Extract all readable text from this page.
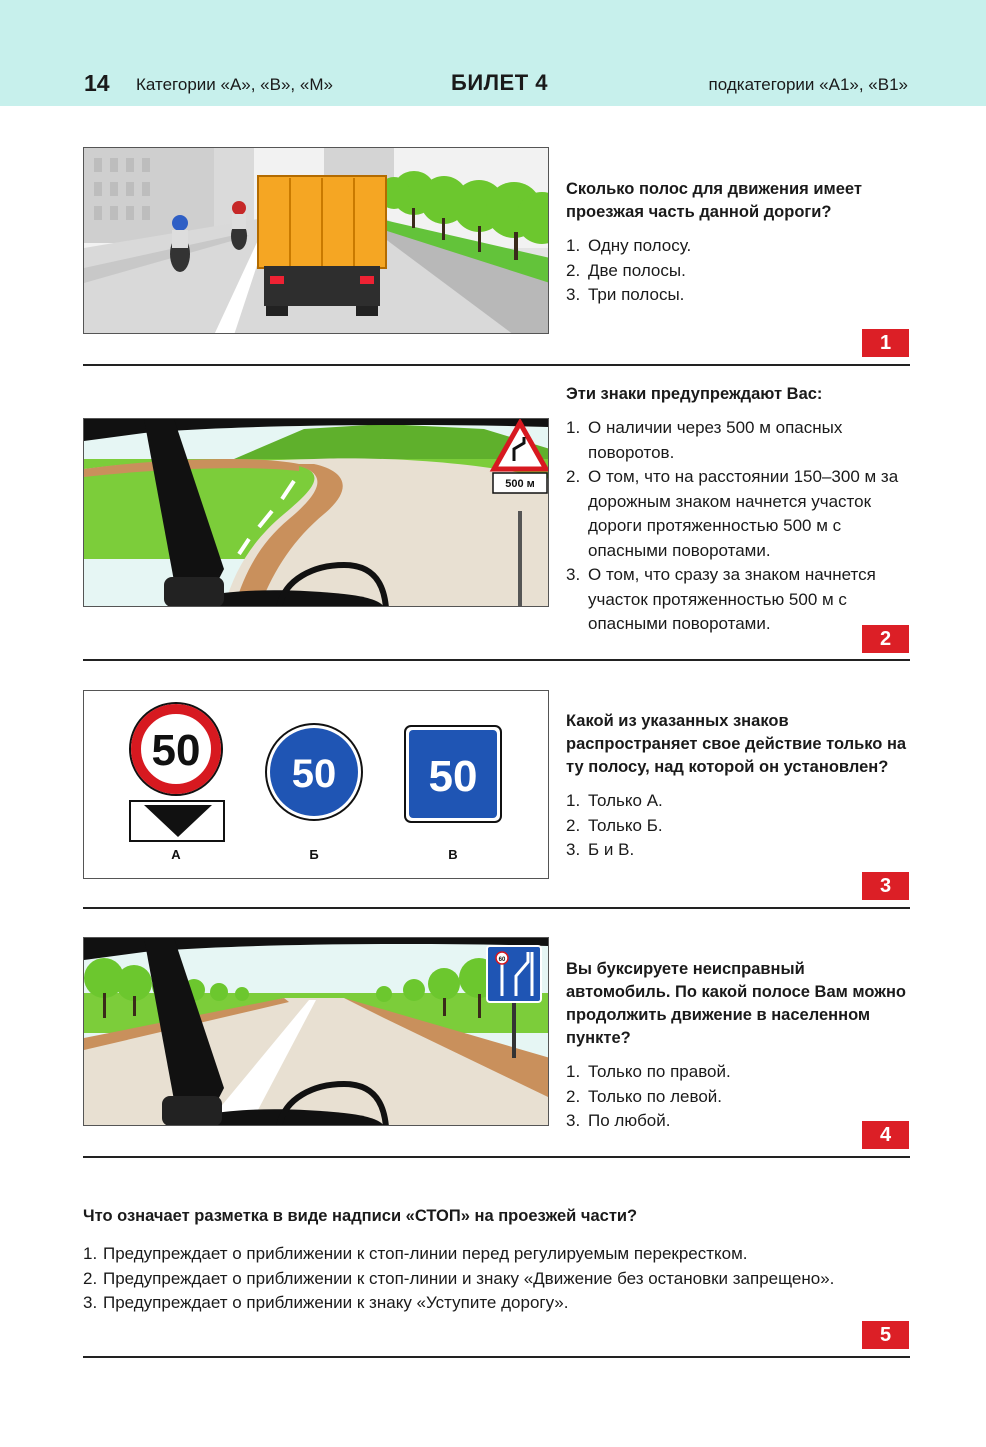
14 Категории «А», «В», «М»	БИЛЕТ 4	подкатегории «А1», «В1»

Сколько полос для движения имеет проезжая часть данной дороги?

1. Одну полосу.
2. Две полосы.
3. Три полосы.
1
500 м

Эти знаки предупреждают Вас:

1. О наличии через 500 м опасных поворотов.
2. О том, что на расстоянии 150–300 м за дорожным знаком начнется участок дороги протяженностью 500 м с опасными поворотами.
3. О том, что сразу за знаком начнется участок протяженностью 500 м с опасными поворотами.
2
50
А
50
Б
50
В

Какой из указанных знаков распространяет свое действие только на ту полосу, над которой он установлен?

1. Только А.
2. Только Б.
3. Б и В.
3
60	Вы буксируете неисправный автомобиль. По какой полосе Вам можно продолжить движение в населенном пункте?

1. Только по правой.
2. Только по левой.
3. По любой.
4

Что означает разметка в виде надписи «СТОП» на проезжей части?

1. Предупреждает о приближении к стоп-линии перед регулируемым перекрестком.
2. Предупреждает о приближении к стоп-линии и знаку «Движение без остановки запрещено».
3. Предупреждает о приближении к знаку «Уступите дорогу».
5
